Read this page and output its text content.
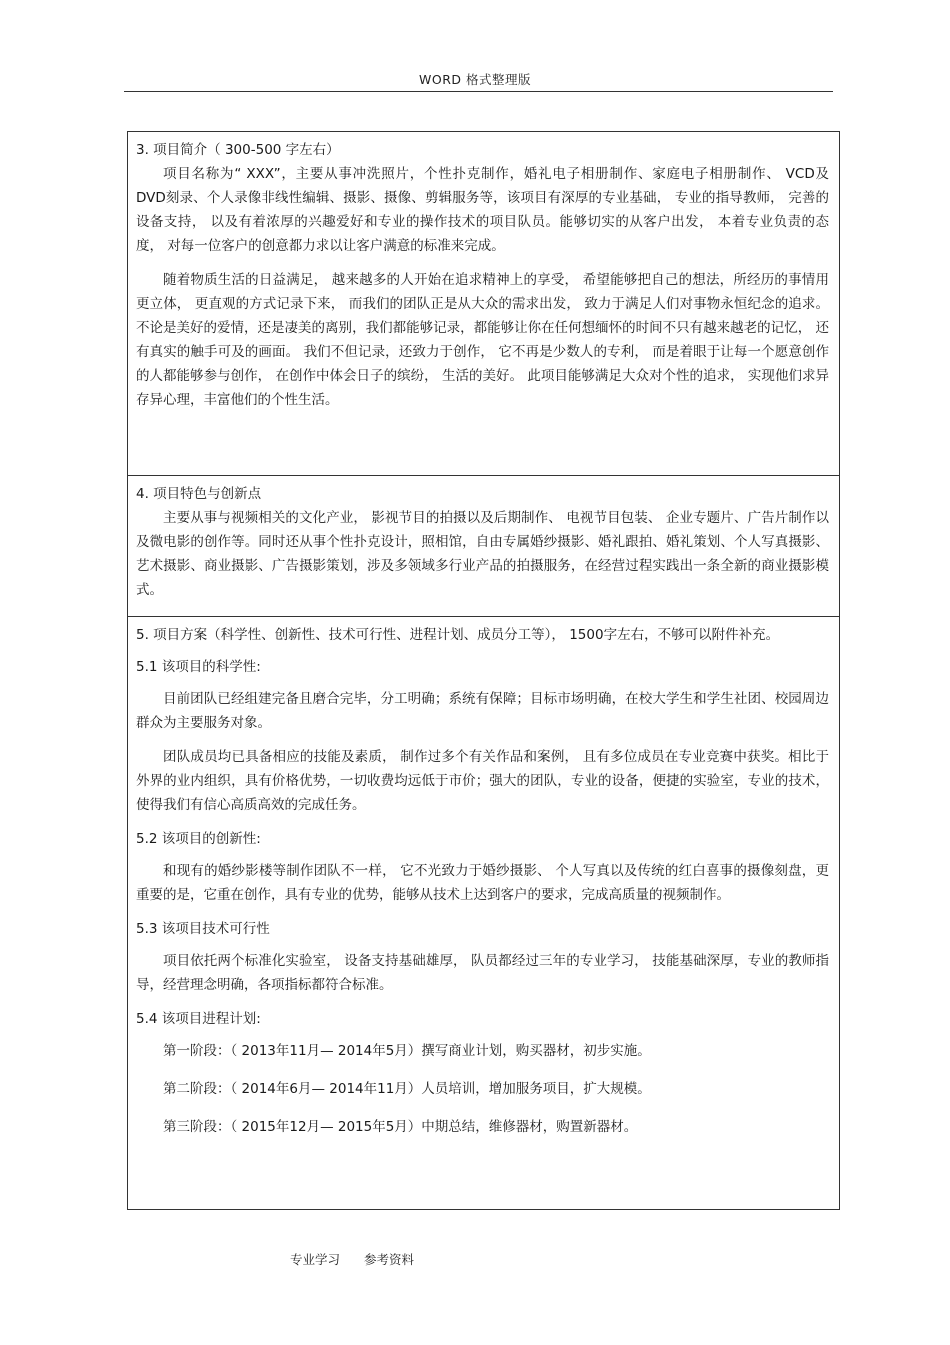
WORD 格式整理版

3. 项目简介（ 300-500 字左右）

项目名称为“ XXX”，主要从事冲洗照片，个性扑克制作，婚礼电子相册制作、家庭电子相册制作、 VCD及 DVD刻录、个人录像非线性编辑、摄影、摄像、剪辑服务等，该项目有深厚的专业基础， 专业的指导教师， 完善的设备支持， 以及有着浓厚的兴趣爱好和专业的操作技术的项目队员。能够切实的从客户出发， 本着专业负责的态度， 对每一位客户的创意都力求以让客户满意的标准来完成。

随着物质生活的日益满足， 越来越多的人开始在追求精神上的享受， 希望能够把自己的想法，所经历的事情用更立体， 更直观的方式记录下来， 而我们的团队正是从大众的需求出发， 致力于满足人们对事物永恒纪念的追求。不论是美好的爱情，还是凄美的离别，我们都能够记录，都能够让你在任何想缅怀的时间不只有越来越老的记忆， 还有真实的触手可及的画面。 我们不但记录，还致力于创作， 它不再是少数人的专利， 而是着眼于让每一个愿意创作的人都能够参与创作， 在创作中体会日子的缤纷， 生活的美好。 此项目能够满足大众对个性的追求， 实现他们求异存异心理，丰富他们的个性生活。

4. 项目特色与创新点

主要从事与视频相关的文化产业， 影视节目的拍摄以及后期制作、 电视节目包装、 企业专题片、广告片制作以及微电影的创作等。同时还从事个性扑克设计，照相馆，自由专属婚纱摄影、婚礼跟拍、婚礼策划、个人写真摄影、艺术摄影、商业摄影、广告摄影策划，涉及多领域多行业产品的拍摄服务，在经营过程实践出一条全新的商业摄影模式。

5. 项目方案（科学性、创新性、技术可行性、进程计划、成员分工等）， 1500字左右，不够可以附件补充。

5.1 该项目的科学性:

目前团队已经组建完备且磨合完毕，分工明确；系统有保障；目标市场明确，在校大学生和学生社团、校园周边群众为主要服务对象。

团队成员均已具备相应的技能及素质， 制作过多个有关作品和案例， 且有多位成员在专业竞赛中获奖。相比于外界的业内组织，具有价格优势，一切收费均远低于市价；强大的团队，专业的设备，便捷的实验室，专业的技术，使得我们有信心高质高效的完成任务。

5.2 该项目的创新性:

和现有的婚纱影楼等制作团队不一样， 它不光致力于婚纱摄影、 个人写真以及传统的红白喜事的摄像刻盘，更重要的是，它重在创作，具有专业的优势，能够从技术上达到客户的要求，完成高质量的视频制作。

5.3 该项目技术可行性

项目依托两个标准化实验室， 设备支持基础雄厚， 队员都经过三年的专业学习， 技能基础深厚，专业的教师指导，经营理念明确，各项指标都符合标准。

5.4 该项目进程计划:

第一阶段：（ 2013年11月— 2014年5月）撰写商业计划，购买器材，初步实施。

第二阶段：（ 2014年6月— 2014年11月）人员培训，增加服务项目，扩大规模。

第三阶段：（ 2015年12月— 2015年5月）中期总结，维修器材，购置新器材。

专业学习 参考资料
